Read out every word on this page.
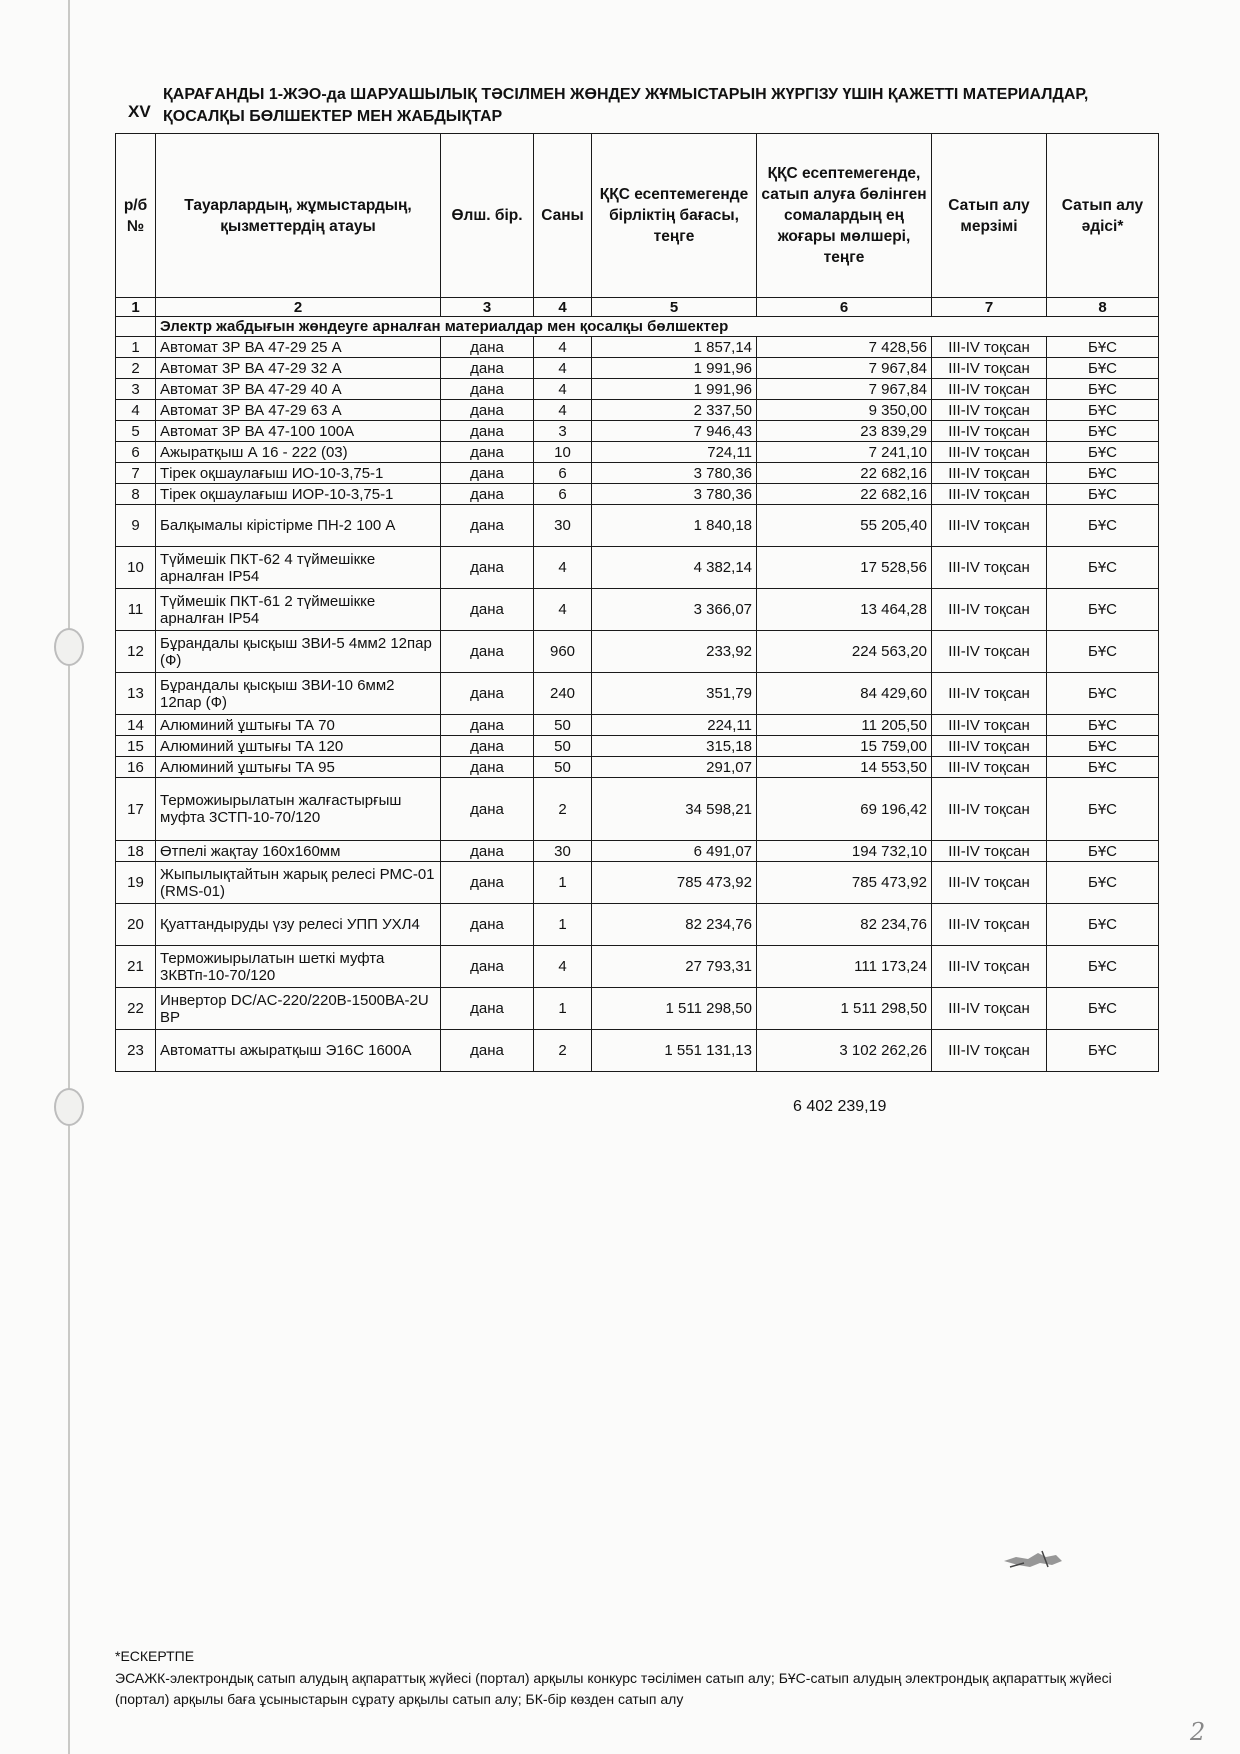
XV
ҚАРАҒАНДЫ 1-ЖЭО-да ШАРУАШЫЛЫҚ ТӘСІЛМЕН ЖӨНДЕУ ЖҰМЫСТАРЫН ЖҮРГІЗУ ҮШІН ҚАЖЕТТІ МАТЕРИАЛДАР, ҚОСАЛҚЫ БӨЛШЕКТЕР МЕН ЖАБДЫҚТАР
р/б №	Тауарлардың, жұмыстардың, қызметтердің атауы	Өлш. бір.	Саны	ҚҚС есептемегенде бірліктің бағасы, теңге	ҚҚС есептемегенде, сатып алуға бөлінген сомалардың ең жоғары мөлшері, теңге	Сатып алу мерзімі	Сатып алу әдісі*
1	2	3	4	5	6	7	8
	Электр жабдығын жөндеуге арналған материалдар мен қосалқы бөлшектер						
1	Автомат 3Р ВА 47-29 25 А	дана	4	1 857,14	7 428,56	III-IV тоқсан	БҰС
2	Автомат 3Р ВА 47-29 32 А	дана	4	1 991,96	7 967,84	III-IV тоқсан	БҰС
3	Автомат 3Р ВА 47-29 40 А	дана	4	1 991,96	7 967,84	III-IV тоқсан	БҰС
4	Автомат 3Р ВА 47-29 63 А	дана	4	2 337,50	9 350,00	III-IV тоқсан	БҰС
5	Автомат 3Р ВА 47-100 100А	дана	3	7 946,43	23 839,29	III-IV тоқсан	БҰС
6	Ажыратқыш А 16 - 222 (03)	дана	10	724,11	7 241,10	III-IV тоқсан	БҰС
7	Тірек оқшаулағыш ИО-10-3,75-1	дана	6	3 780,36	22 682,16	III-IV тоқсан	БҰС
8	Тірек оқшаулағыш ИОР-10-3,75-1	дана	6	3 780,36	22 682,16	III-IV тоқсан	БҰС
9	Балқымалы кірістірме ПН-2 100 А	дана	30	1 840,18	55 205,40	III-IV тоқсан	БҰС
10	Түймешік ПКТ-62 4 түймешікке арналған IP54	дана	4	4 382,14	17 528,56	III-IV тоқсан	БҰС
11	Түймешік ПКТ-61 2 түймешікке арналған IP54	дана	4	3 366,07	13 464,28	III-IV тоқсан	БҰС
12	Бұрандалы қысқыш ЗВИ-5 4мм2 12пар (Ф)	дана	960	233,92	224 563,20	III-IV тоқсан	БҰС
13	Бұрандалы қысқыш ЗВИ-10 6мм2 12пар (Ф)	дана	240	351,79	84 429,60	III-IV тоқсан	БҰС
14	Алюминий ұштығы ТА 70	дана	50	224,11	11 205,50	III-IV тоқсан	БҰС
15	Алюминий ұштығы ТА 120	дана	50	315,18	15 759,00	III-IV тоқсан	БҰС
16	Алюминий ұштығы ТА 95	дана	50	291,07	14 553,50	III-IV тоқсан	БҰС
17	Терможиырылатын жалғастырғыш муфта 3СТП-10-70/120	дана	2	34 598,21	69 196,42	III-IV тоқсан	БҰС
18	Өтпелі жақтау 160х160мм	дана	30	6 491,07	194 732,10	III-IV тоқсан	БҰС
19	Жыпылықтайтын жарық релесі РМС-01 (RMS-01)	дана	1	785 473,92	785 473,92	III-IV тоқсан	БҰС
20	Қуаттандыруды үзу релесі УПП УХЛ4	дана	1	82 234,76	82 234,76	III-IV тоқсан	БҰС
21	Терможиырылатын шеткі муфта 3КВТп-10-70/120	дана	4	27 793,31	111 173,24	III-IV тоқсан	БҰС
22	Инвертор DC/AC-220/220В-1500ВА-2U ВР	дана	1	1 511 298,50	1 511 298,50	III-IV тоқсан	БҰС
23	Автоматты ажыратқыш Э16С 1600А	дана	2	1 551 131,13	3 102 262,26	III-IV тоқсан	БҰС
6 402 239,19
*ЕСКЕРТПЕ
ЭСАЖК-электрондық сатып алудың ақпараттық жүйесі (портал) арқылы конкурс тәсілімен сатып алу; БҰС-сатып алудың электрондық ақпараттық жүйесі (портал) арқылы баға ұсыныстарын сұрату арқылы сатып алу; БК-бір көзден сатып алу
2
